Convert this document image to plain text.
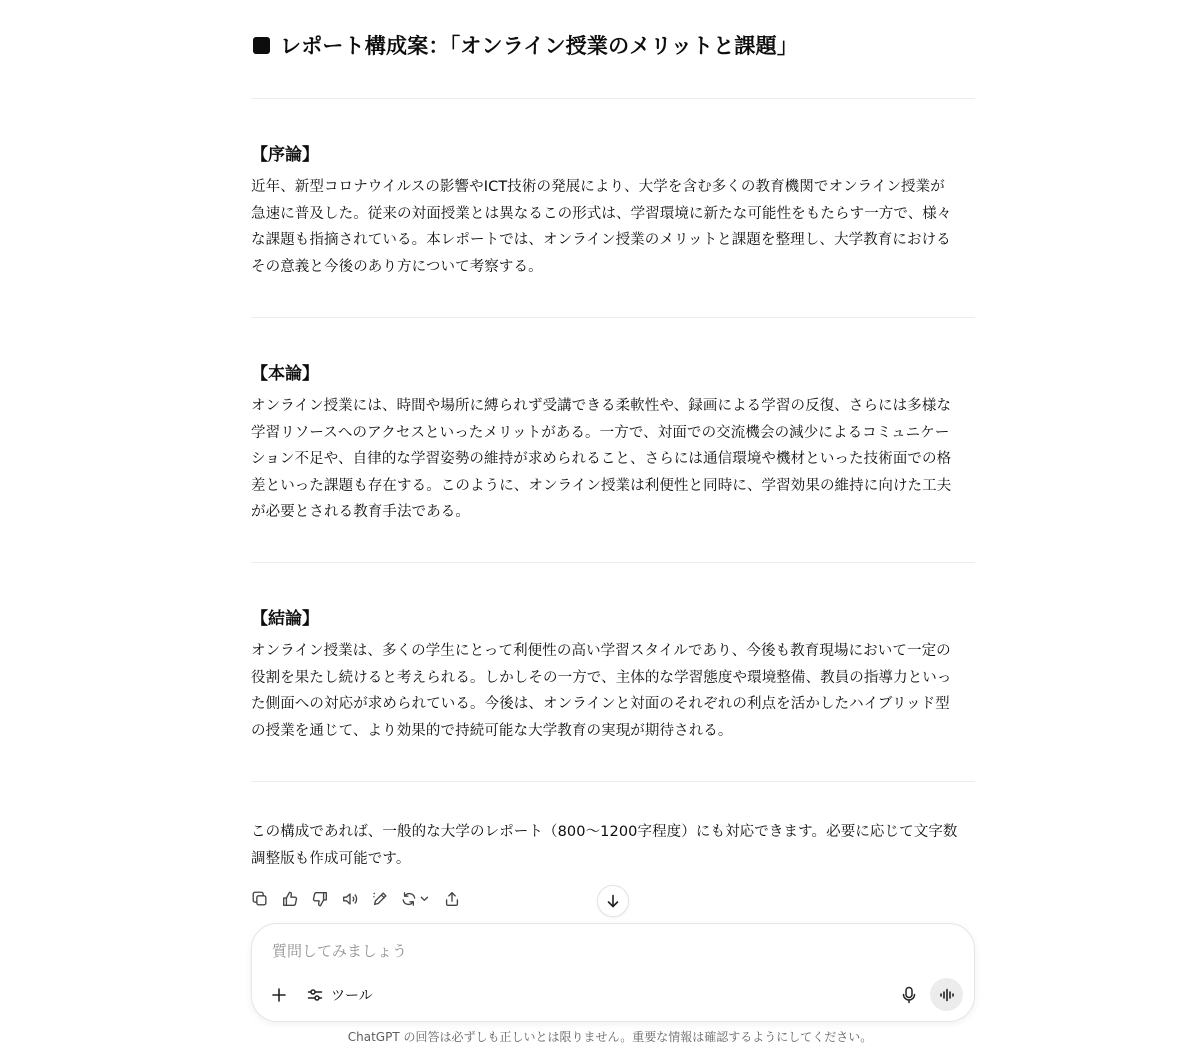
レポート構成案：「オンライン授業のメリットと課題」
【序論】
近年、新型コロナウイルスの影響やICT技術の発展により、大学を含む多くの教育機関でオンライン授業が
急速に普及した。従来の対面授業とは異なるこの形式は、学習環境に新たな可能性をもたらす一方で、様々
な課題も指摘されている。本レポートでは、オンライン授業のメリットと課題を整理し、大学教育における
その意義と今後のあり方について考察する。
【本論】
オンライン授業には、時間や場所に縛られず受講できる柔軟性や、録画による学習の反復、さらには多様な
学習リソースへのアクセスといったメリットがある。一方で、対面での交流機会の減少によるコミュニケー
ション不足や、自律的な学習姿勢の維持が求められること、さらには通信環境や機材といった技術面での格
差といった課題も存在する。このように、オンライン授業は利便性と同時に、学習効果の維持に向けた工夫
が必要とされる教育手法である。
【結論】
オンライン授業は、多くの学生にとって利便性の高い学習スタイルであり、今後も教育現場において一定の
役割を果たし続けると考えられる。しかしその一方で、主体的な学習態度や環境整備、教員の指導力といっ
た側面への対応が求められている。今後は、オンラインと対面のそれぞれの利点を活かしたハイブリッド型
の授業を通じて、より効果的で持続可能な大学教育の実現が期待される。
この構成であれば、一般的な大学のレポート（800〜1200字程度）にも対応できます。必要に応じて文字数
調整版も作成可能です。
質問してみましょう
ツール
ChatGPT の回答は必ずしも正しいとは限りません。重要な情報は確認するようにしてください。
